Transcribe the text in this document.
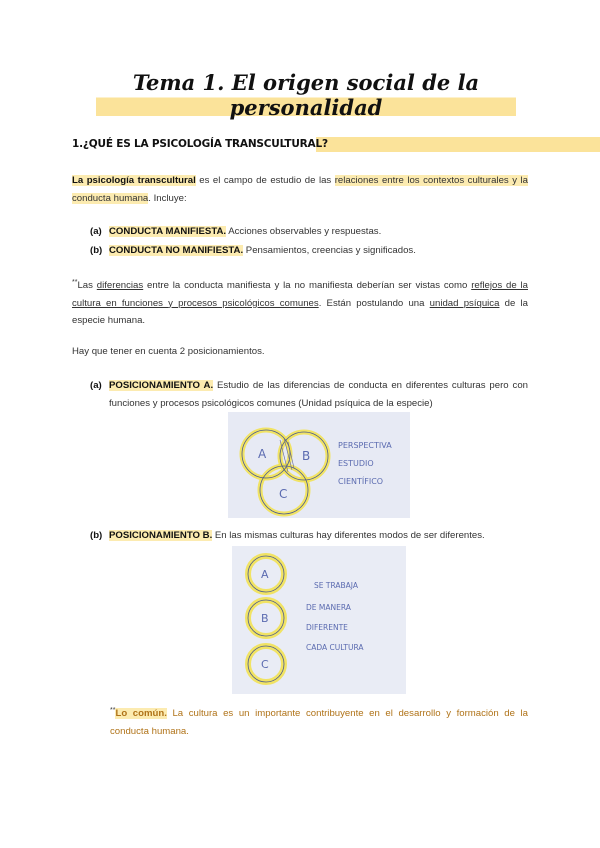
Tema 1. El origen social de la personalidad
1.¿QUÉ ES LA PSICOLOGÍA TRANSCULTURAL?
La psicología transcultural es el campo de estudio de las relaciones entre los contextos culturales y la conducta humana. Incluye:
(a) CONDUCTA MANIFIESTA. Acciones observables y respuestas.
(b) CONDUCTA NO MANIFIESTA. Pensamientos, creencias y significados.
**Las diferencias entre la conducta manifiesta y la no manifiesta deberían ser vistas como reflejos de la cultura en funciones y procesos psicológicos comunes. Están postulando una unidad psíquica de la especie humana.
Hay que tener en cuenta 2 posicionamientos.
(a) POSICIONAMIENTO A. Estudio de las diferencias de conducta en diferentes culturas pero con funciones y procesos psicológicos comunes (Unidad psíquica de la especie)
A	B
C
PERSPECTIVA
ESTUDIO
CIENTÍFICO
(b) POSICIONAMIENTO B. En las mismas culturas hay diferentes modos de ser diferentes.
A
B
C
SE TRABAJA
DE MANERA
DIFERENTE
CADA CULTURA
**Lo común. La cultura es un importante contribuyente en el desarrollo y formación de la conducta humana.
